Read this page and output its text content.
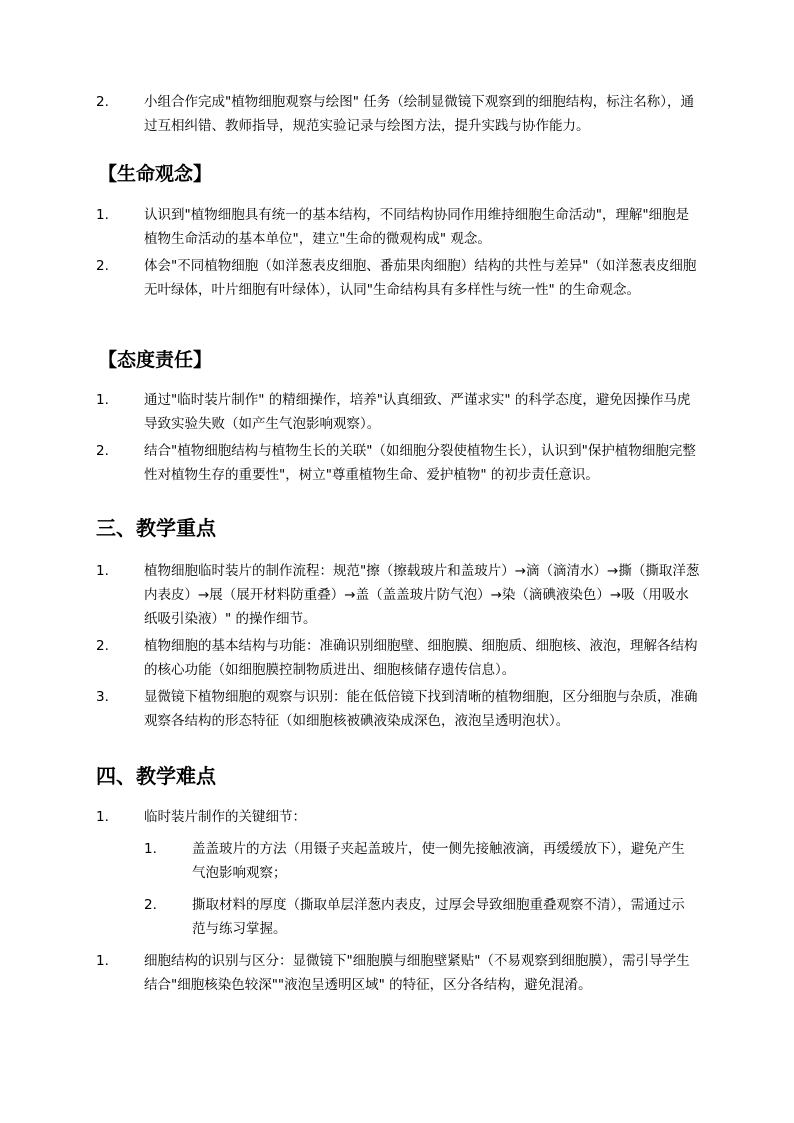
2.	小组合作完成"植物细胞观察与绘图" 任务（绘制显微镜下观察到的细胞结构，标注名称），通过互相纠错、教师指导，规范实验记录与绘图方法，提升实践与协作能力。
【生命观念】
1.	认识到"植物细胞具有统一的基本结构，不同结构协同作用维持细胞生命活动"，理解"细胞是植物生命活动的基本单位"，建立"生命的微观构成" 观念。
2.	体会"不同植物细胞（如洋葱表皮细胞、番茄果肉细胞）结构的共性与差异"（如洋葱表皮细胞无叶绿体，叶片细胞有叶绿体），认同"生命结构具有多样性与统一性" 的生命观念。
【态度责任】
1.	通过"临时装片制作" 的精细操作，培养"认真细致、严谨求实" 的科学态度，避免因操作马虎导致实验失败（如产生气泡影响观察）。
2.	结合"植物细胞结构与植物生长的关联"（如细胞分裂使植物生长），认识到"保护植物细胞完整性对植物生存的重要性"，树立"尊重植物生命、爱护植物" 的初步责任意识。
三、教学重点
1.	植物细胞临时装片的制作流程：规范"擦（擦载玻片和盖玻片）→滴（滴清水）→撕（撕取洋葱内表皮）→展（展开材料防重叠）→盖（盖盖玻片防气泡）→染（滴碘液染色）→吸（用吸水纸吸引染液）" 的操作细节。
2.	植物细胞的基本结构与功能：准确识别细胞壁、细胞膜、细胞质、细胞核、液泡，理解各结构的核心功能（如细胞膜控制物质进出、细胞核储存遗传信息）。
3.	显微镜下植物细胞的观察与识别：能在低倍镜下找到清晰的植物细胞，区分细胞与杂质，准确观察各结构的形态特征（如细胞核被碘液染成深色，液泡呈透明泡状）。
四、教学难点
1.	临时装片制作的关键细节：
1.	盖盖玻片的方法（用镊子夹起盖玻片，使一侧先接触液滴，再缓缓放下），避免产生气泡影响观察；
2.	撕取材料的厚度（撕取单层洋葱内表皮，过厚会导致细胞重叠观察不清），需通过示范与练习掌握。
1.	细胞结构的识别与区分：显微镜下"细胞膜与细胞壁紧贴"（不易观察到细胞膜），需引导学生结合"细胞核染色较深""液泡呈透明区域" 的特征，区分各结构，避免混淆。
